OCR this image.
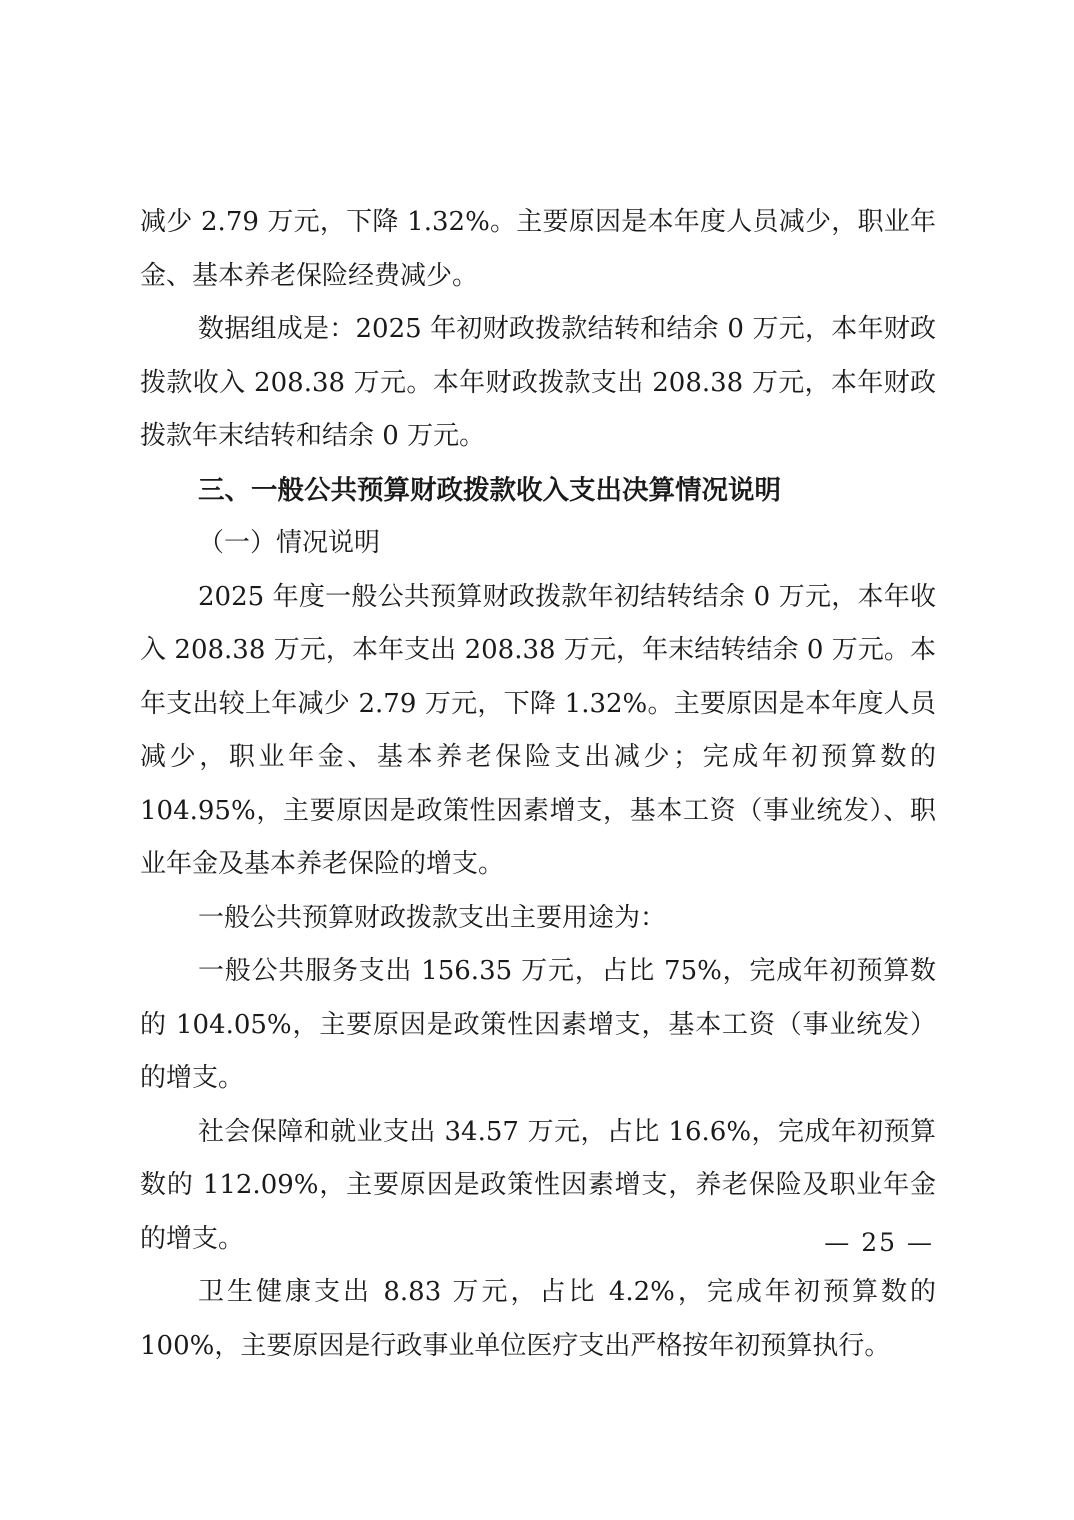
减少 2.79 万元，下降 1.32%。主要原因是本年度人员减少，职业年金、基本养老保险经费减少。

数据组成是：2025 年初财政拨款结转和结余 0 万元，本年财政拨款收入 208.38 万元。本年财政拨款支出 208.38 万元，本年财政拨款年末结转和结余 0 万元。

三、一般公共预算财政拨款收入支出决算情况说明

（一）情况说明

2025 年度一般公共预算财政拨款年初结转结余 0 万元，本年收入 208.38 万元，本年支出 208.38 万元，年末结转结余 0 万元。本年支出较上年减少 2.79 万元，下降 1.32%。主要原因是本年度人员减少，职业年金、基本养老保险支出减少；完成年初预算数的 104.95%，主要原因是政策性因素增支，基本工资（事业统发）、职业年金及基本养老保险的增支。

一般公共预算财政拨款支出主要用途为：

一般公共服务支出 156.35 万元，占比 75%，完成年初预算数的 104.05%，主要原因是政策性因素增支，基本工资（事业统发）的增支。

社会保障和就业支出 34.57 万元，占比 16.6%，完成年初预算数的 112.09%，主要原因是政策性因素增支，养老保险及职业年金的增支。

卫生健康支出 8.83 万元，占比 4.2%，完成年初预算数的 100%，主要原因是行政事业单位医疗支出严格按年初预算执行。

— 25 —
